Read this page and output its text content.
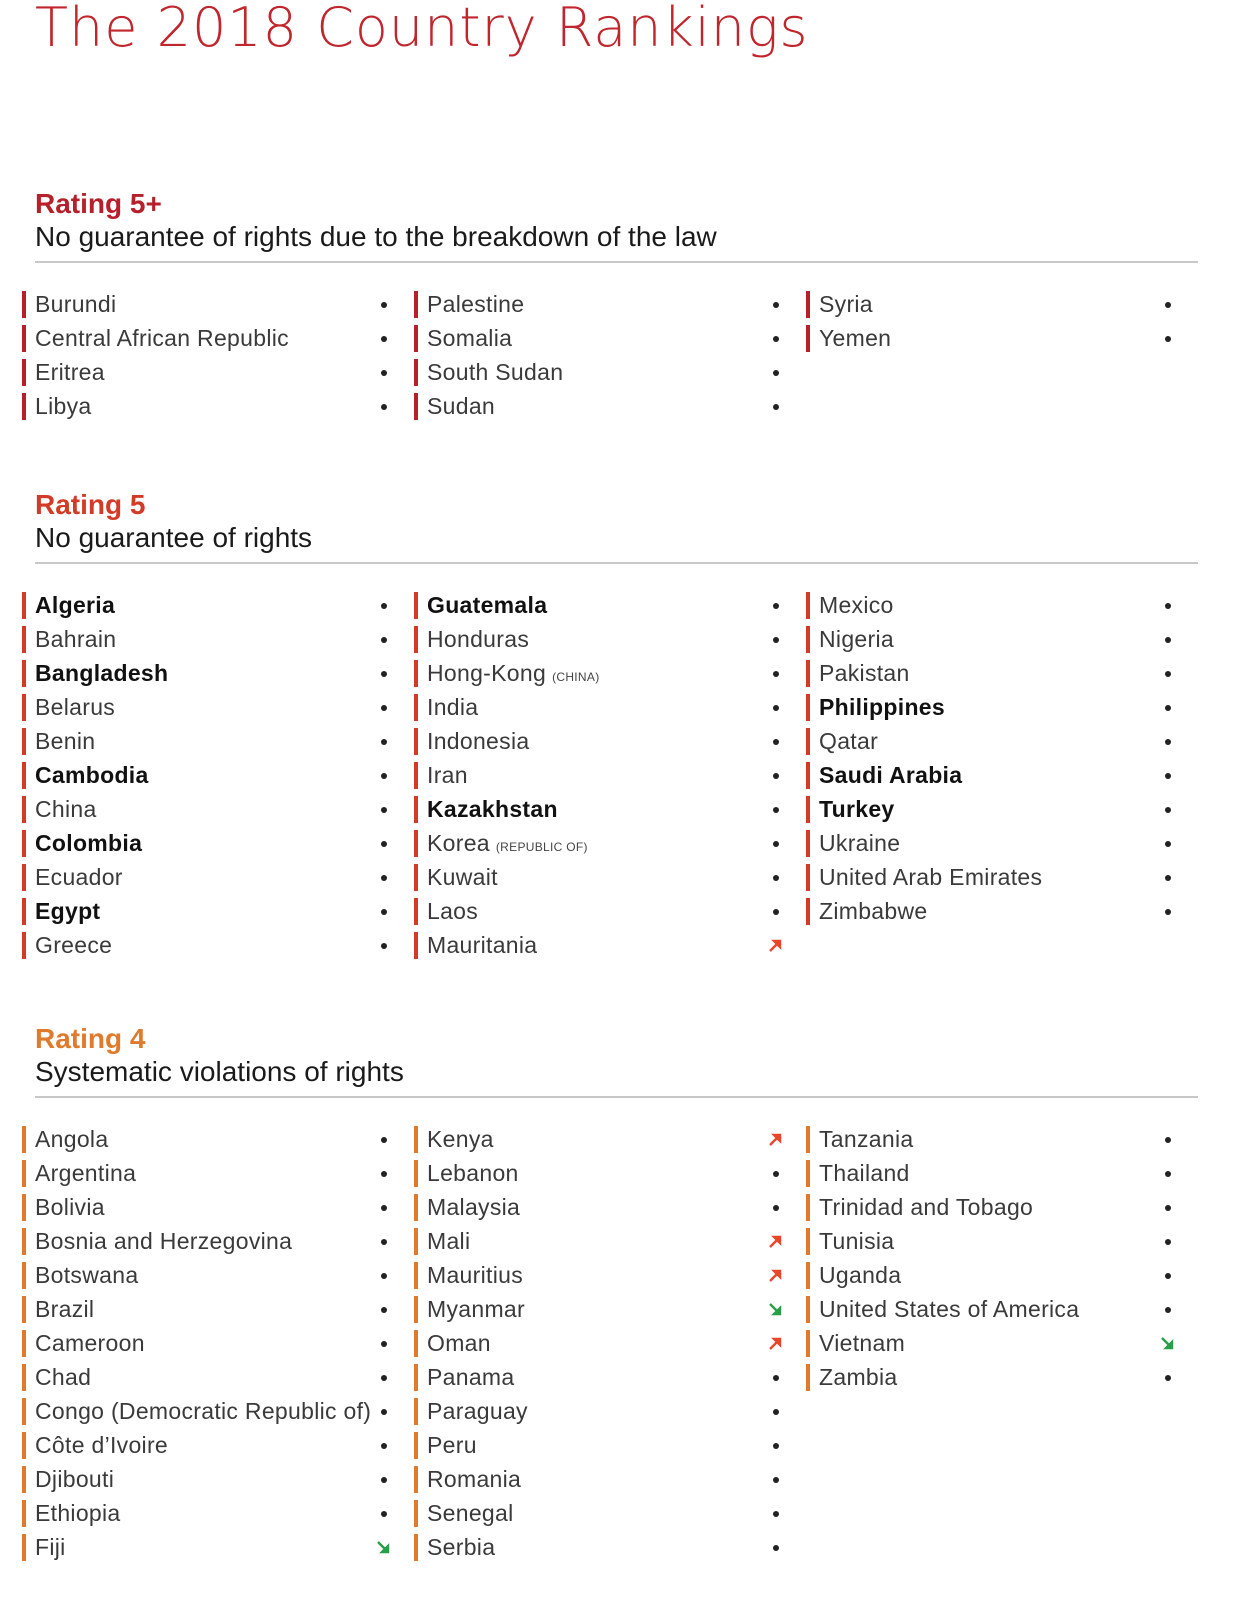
The 2018 Country Rankings
Rating 5+
No guarantee of rights due to the breakdown of the law
Burundi
Central African Republic
Eritrea
Libya
Palestine
Somalia
South Sudan
Sudan
Syria
Yemen
Rating 5
No guarantee of rights
Algeria
Bahrain
Bangladesh
Belarus
Benin
Cambodia
China
Colombia
Ecuador
Egypt
Greece
Guatemala
Honduras
Hong-Kong (CHINA)
India
Indonesia
Iran
Kazakhstan
Korea (REPUBLIC OF)
Kuwait
Laos
Mauritania
Mexico
Nigeria
Pakistan
Philippines
Qatar
Saudi Arabia
Turkey
Ukraine
United Arab Emirates
Zimbabwe
Rating 4
Systematic violations of rights
Angola
Argentina
Bolivia
Bosnia and Herzegovina
Botswana
Brazil
Cameroon
Chad
Congo (Democratic Republic of)
Côte d’Ivoire
Djibouti
Ethiopia
Fiji
Kenya
Lebanon
Malaysia
Mali
Mauritius
Myanmar
Oman
Panama
Paraguay
Peru
Romania
Senegal
Serbia
Tanzania
Thailand
Trinidad and Tobago
Tunisia
Uganda
United States of America
Vietnam
Zambia
